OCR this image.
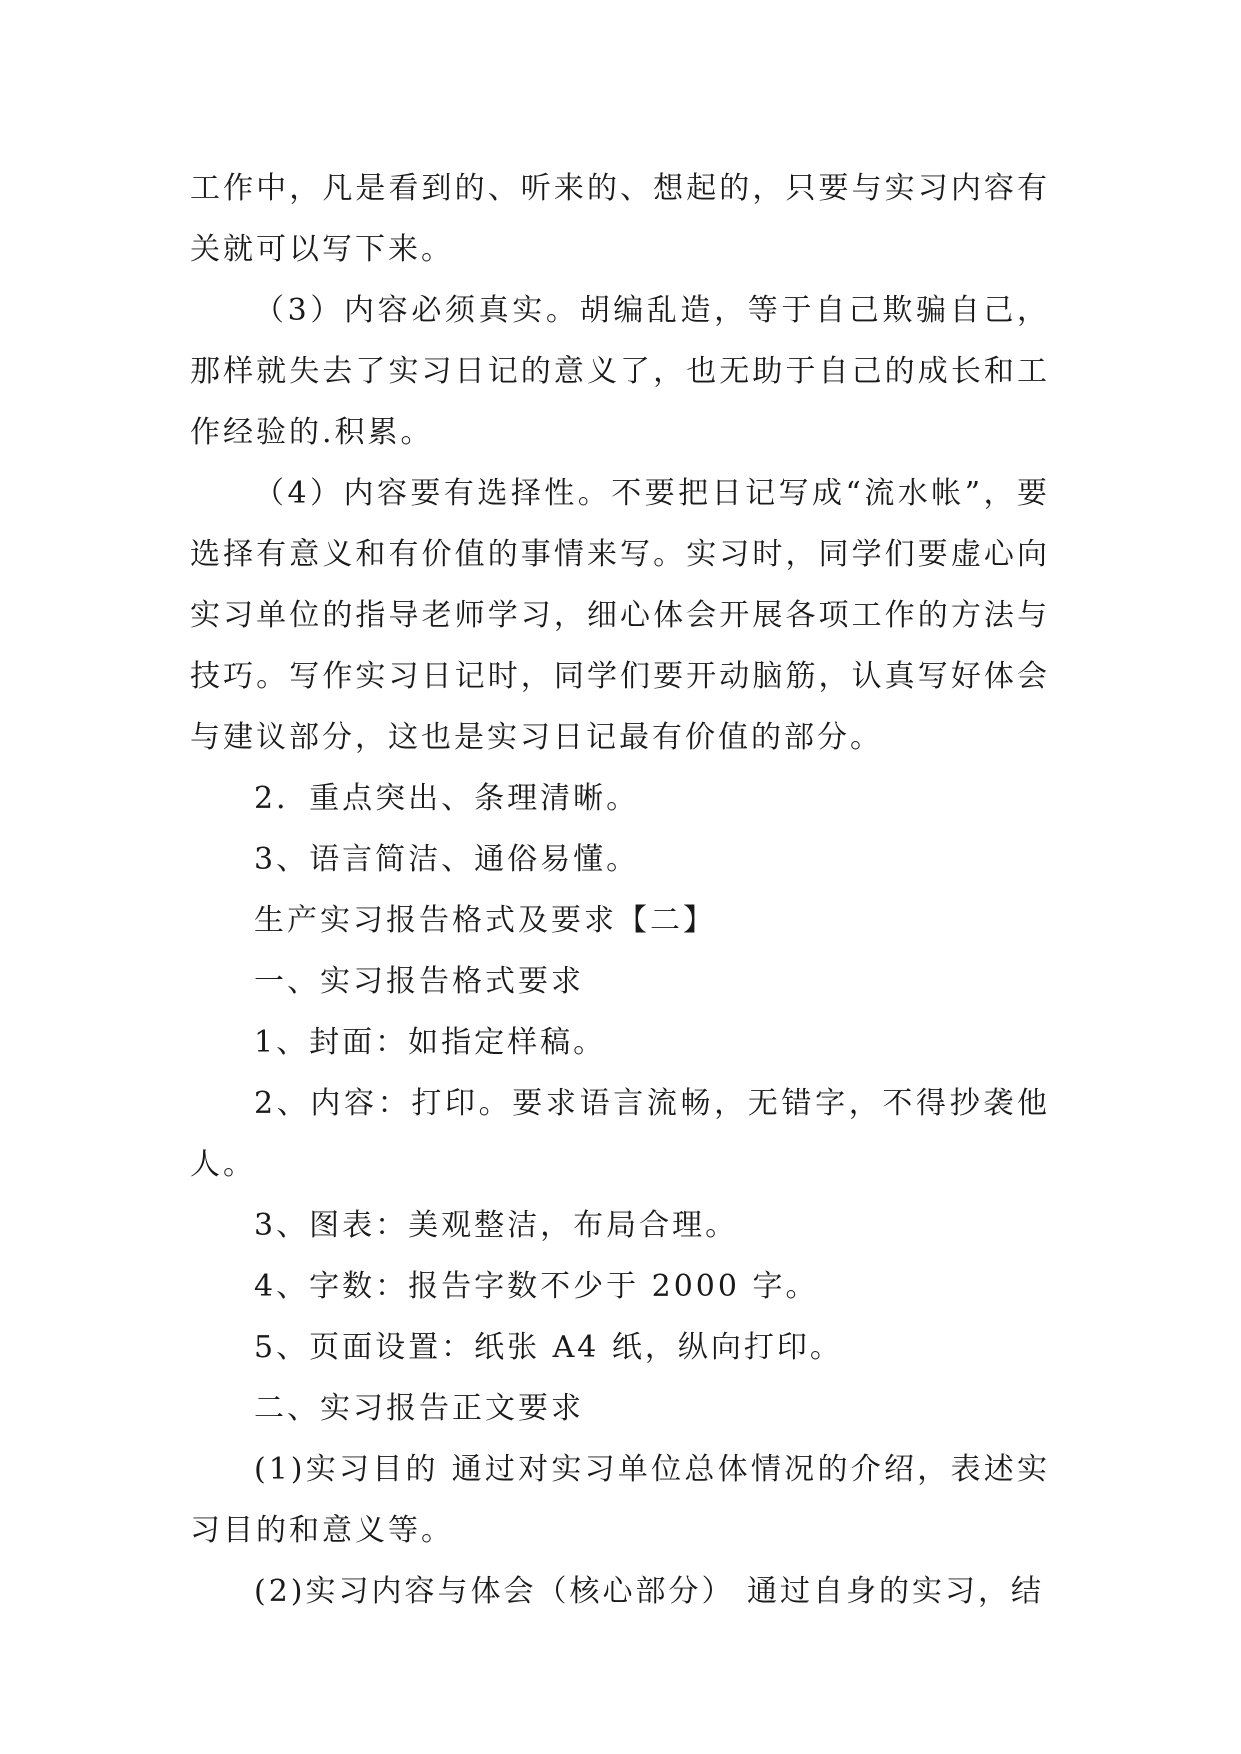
工作中，凡是看到的、听来的、想起的，只要与实习内容有关就可以写下来。

（3）内容必须真实。胡编乱造，等于自己欺骗自己，那样就失去了实习日记的意义了，也无助于自己的成长和工作经验的.积累。

（4）内容要有选择性。不要把日记写成“流水帐”，要选择有意义和有价值的事情来写。实习时，同学们要虚心向实习单位的指导老师学习，细心体会开展各项工作的方法与技巧。写作实习日记时，同学们要开动脑筋，认真写好体会与建议部分，这也是实习日记最有价值的部分。

2．重点突出、条理清晰。

3、语言简洁、通俗易懂。

生产实习报告格式及要求【二】

一、实习报告格式要求

1、封面：如指定样稿。

2、内容：打印。要求语言流畅，无错字，不得抄袭他人。

3、图表：美观整洁，布局合理。

4、字数：报告字数不少于 2000 字。

5、页面设置：纸张 A4 纸，纵向打印。

二、实习报告正文要求

(1)实习目的 通过对实习单位总体情况的介绍，表述实习目的和意义等。

(2)实习内容与体会（核心部分） 通过自身的实习，结
